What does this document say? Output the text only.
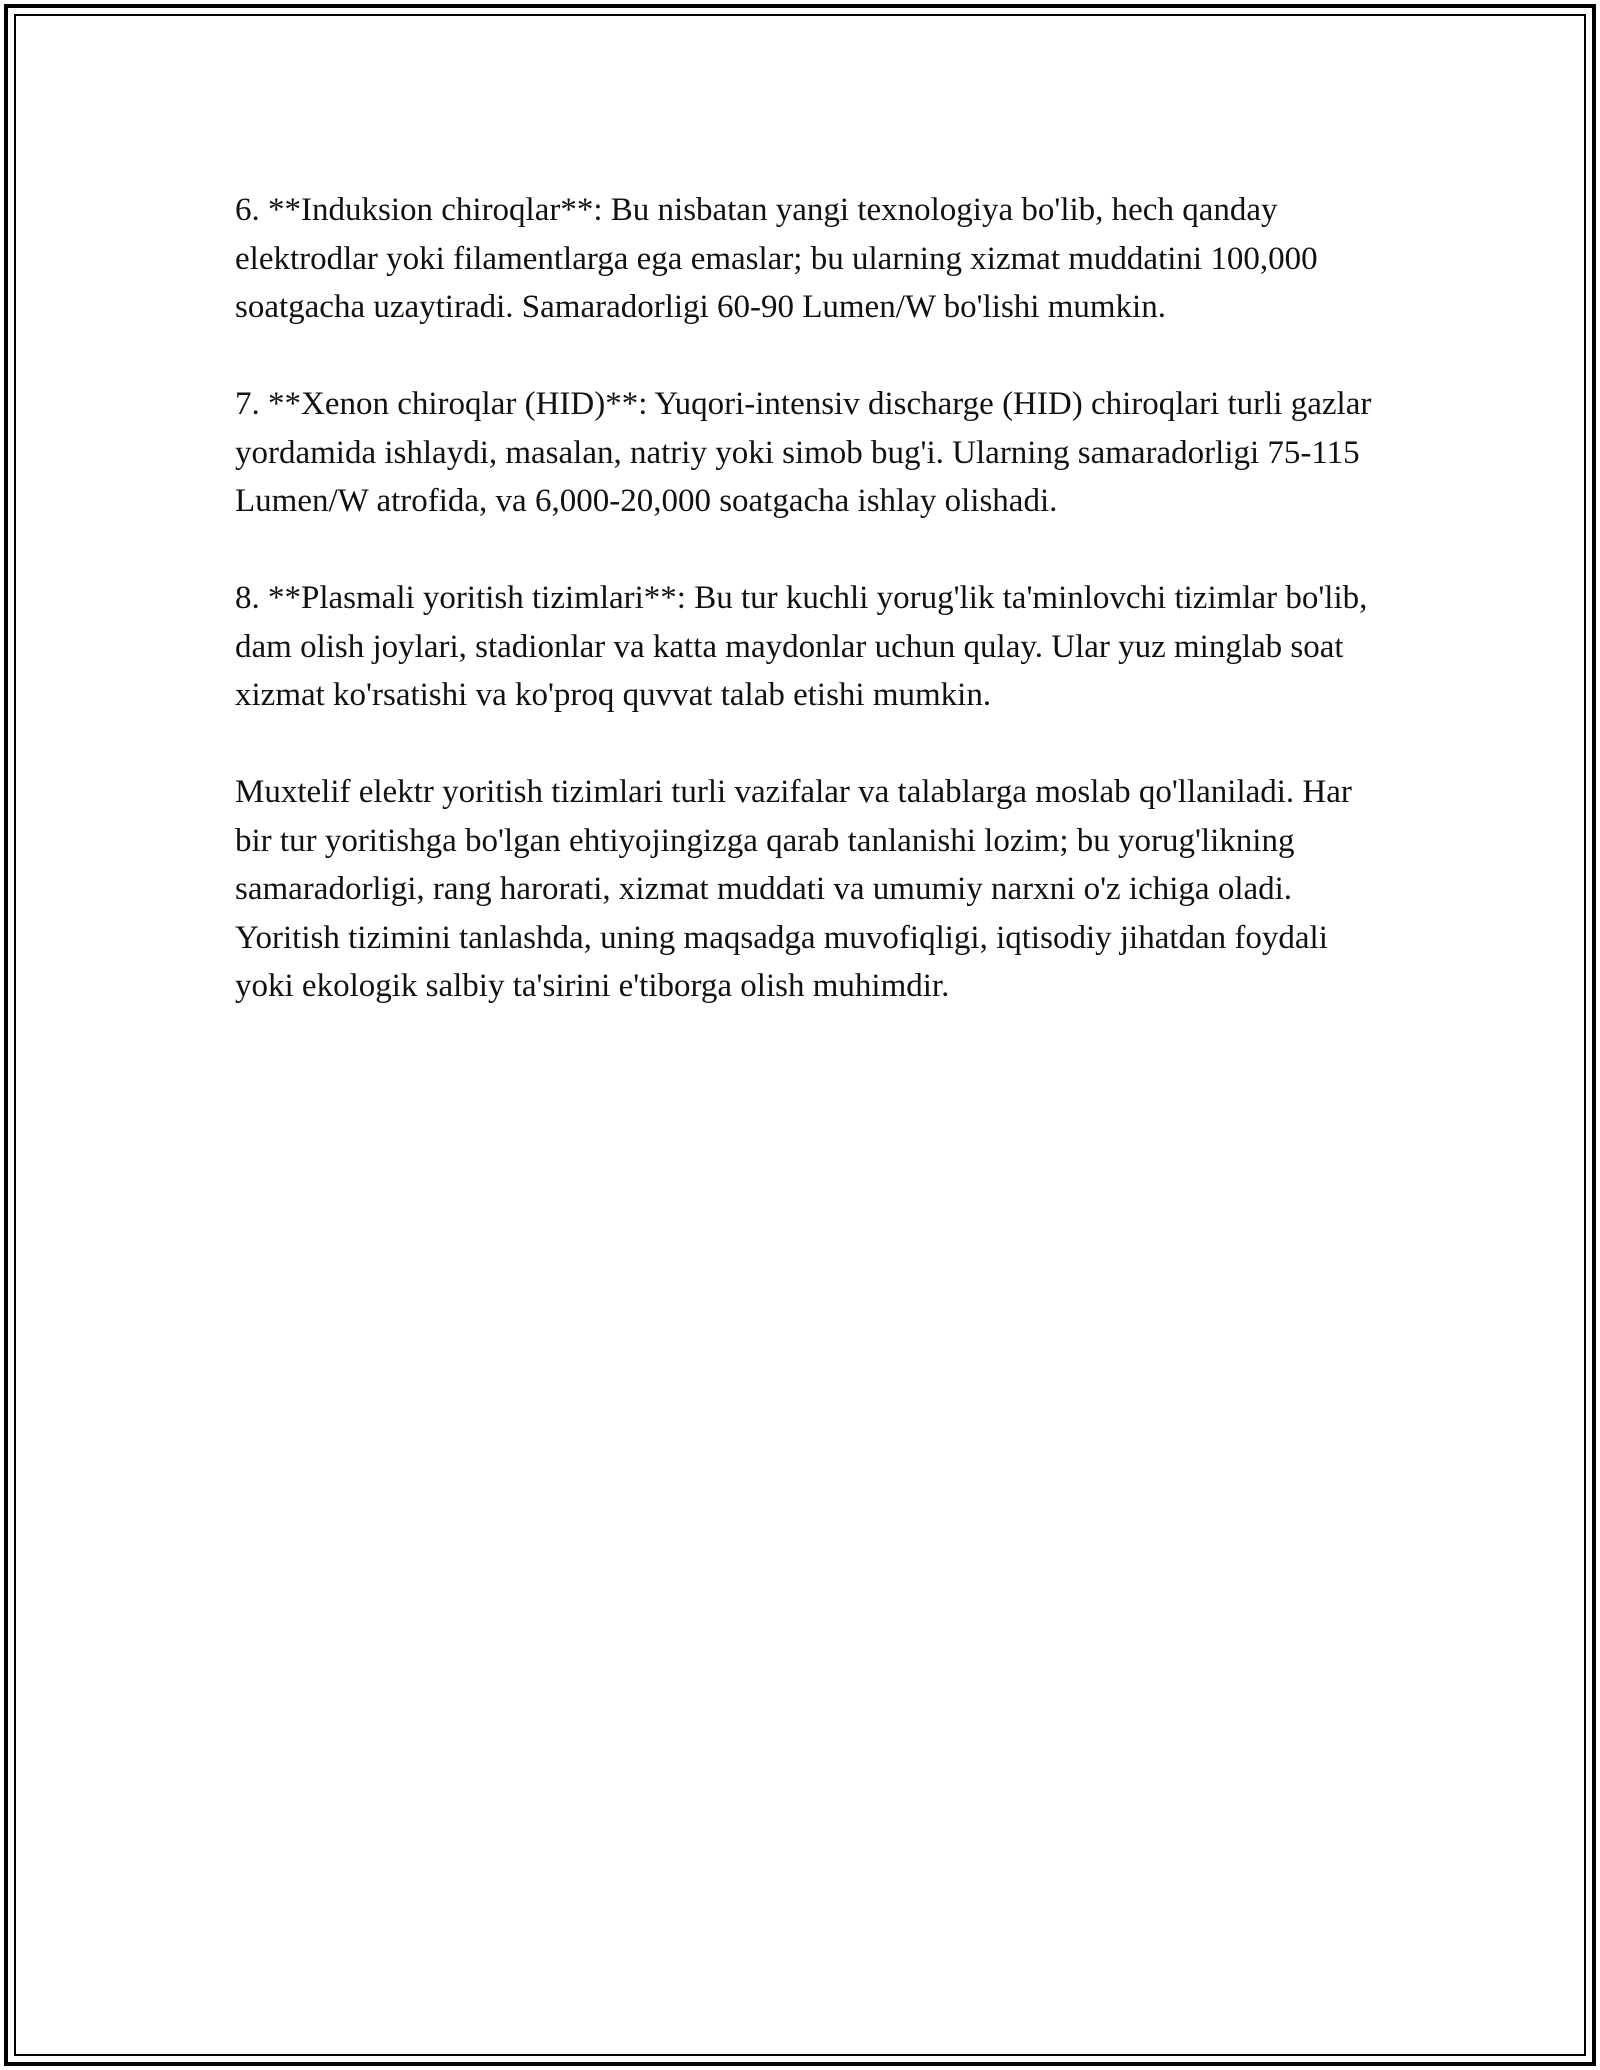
6. **Induksion chiroqlar**: Bu nisbatan yangi texnologiya bo'lib, hech qanday elektrodlar yoki filamentlarga ega emaslar; bu ularning xizmat muddatini 100,000 soatgacha uzaytiradi. Samaradorligi 60-90 Lumen/W bo'lishi mumkin.

7. **Xenon chiroqlar (HID)**: Yuqori-intensiv discharge (HID) chiroqlari turli gazlar yordamida ishlaydi, masalan, natriy yoki simob bug'i. Ularning samaradorligi 75-115 Lumen/W atrofida, va 6,000-20,000 soatgacha ishlay olishadi.

8. **Plasmali yoritish tizimlari**: Bu tur kuchli yorug'lik ta'minlovchi tizimlar bo'lib, dam olish joylari, stadionlar va katta maydonlar uchun qulay. Ular yuz minglab soat xizmat ko'rsatishi va ko'proq quvvat talab etishi mumkin.

Muxtelif elektr yoritish tizimlari turli vazifalar va talablarga moslab qo'llaniladi. Har bir tur yoritishga bo'lgan ehtiyojingizga qarab tanlanishi lozim; bu yorug'likning samaradorligi, rang harorati, xizmat muddati va umumiy narxni o'z ichiga oladi. Yoritish tizimini tanlashda, uning maqsadga muvofiqligi, iqtisodiy jihatdan foydali yoki ekologik salbiy ta'sirini e'tiborga olish muhimdir.
